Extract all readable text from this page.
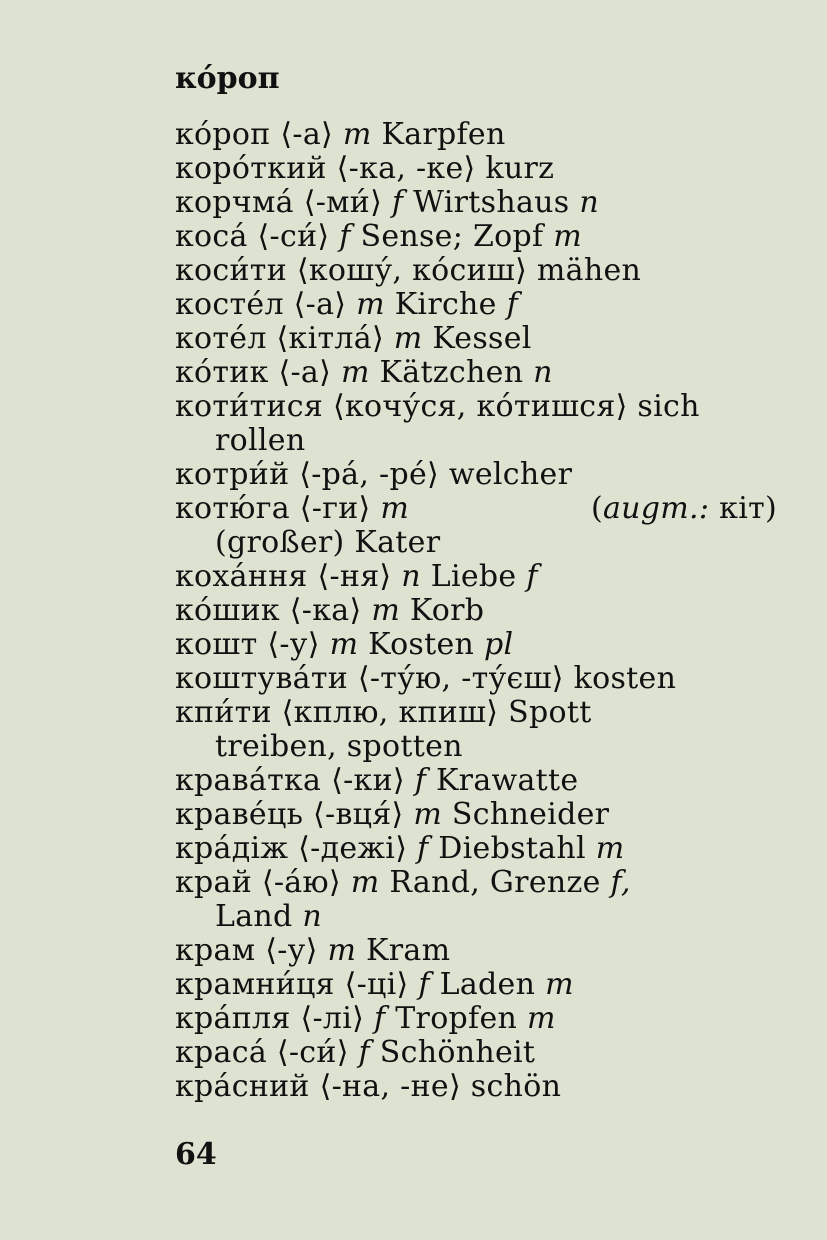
ко́роп
ко́роп ⟨-а⟩ m Karpfen
коро́ткий ⟨-ка, -ке⟩ kurz
корчма́ ⟨-ми́⟩ f Wirtshaus n
коса́ ⟨-си́⟩ f Sense; Zopf m
коси́ти ⟨кошу́, ко́сиш⟩ mähen
косте́л ⟨-а⟩ m Kirche f
коте́л ⟨кітла́⟩ m Kessel
ко́тик ⟨-а⟩ m Kätzchen n
коти́тися ⟨кочу́ся, ко́тишся⟩ sich
rollen
котри́й ⟨-ра́, -ре́⟩ welcher
котю́га ⟨-ги⟩ m	(augm.: кіт)
(großer) Kater
коха́ння ⟨-ня⟩ n Liebe f
ко́шик ⟨-ка⟩ m Korb
кошт ⟨-у⟩ m Kosten pl
коштува́ти ⟨-ту́ю, -ту́єш⟩ kosten
кпи́ти ⟨кплю, кпиш⟩ Spott
treiben, spotten
крава́тка ⟨-ки⟩ f Krawatte
краве́ць ⟨-вця́⟩ m Schneider
кра́діж ⟨-дежі⟩ f Diebstahl m
край ⟨-а́ю⟩ m Rand, Grenze f,
Land n
крам ⟨-у⟩ m Kram
крамни́ця ⟨-ці⟩ f Laden m
кра́пля ⟨-лі⟩ f Tropfen m
краса́ ⟨-си́⟩ f Schönheit
кра́сний ⟨-на, -не⟩ schön
64
